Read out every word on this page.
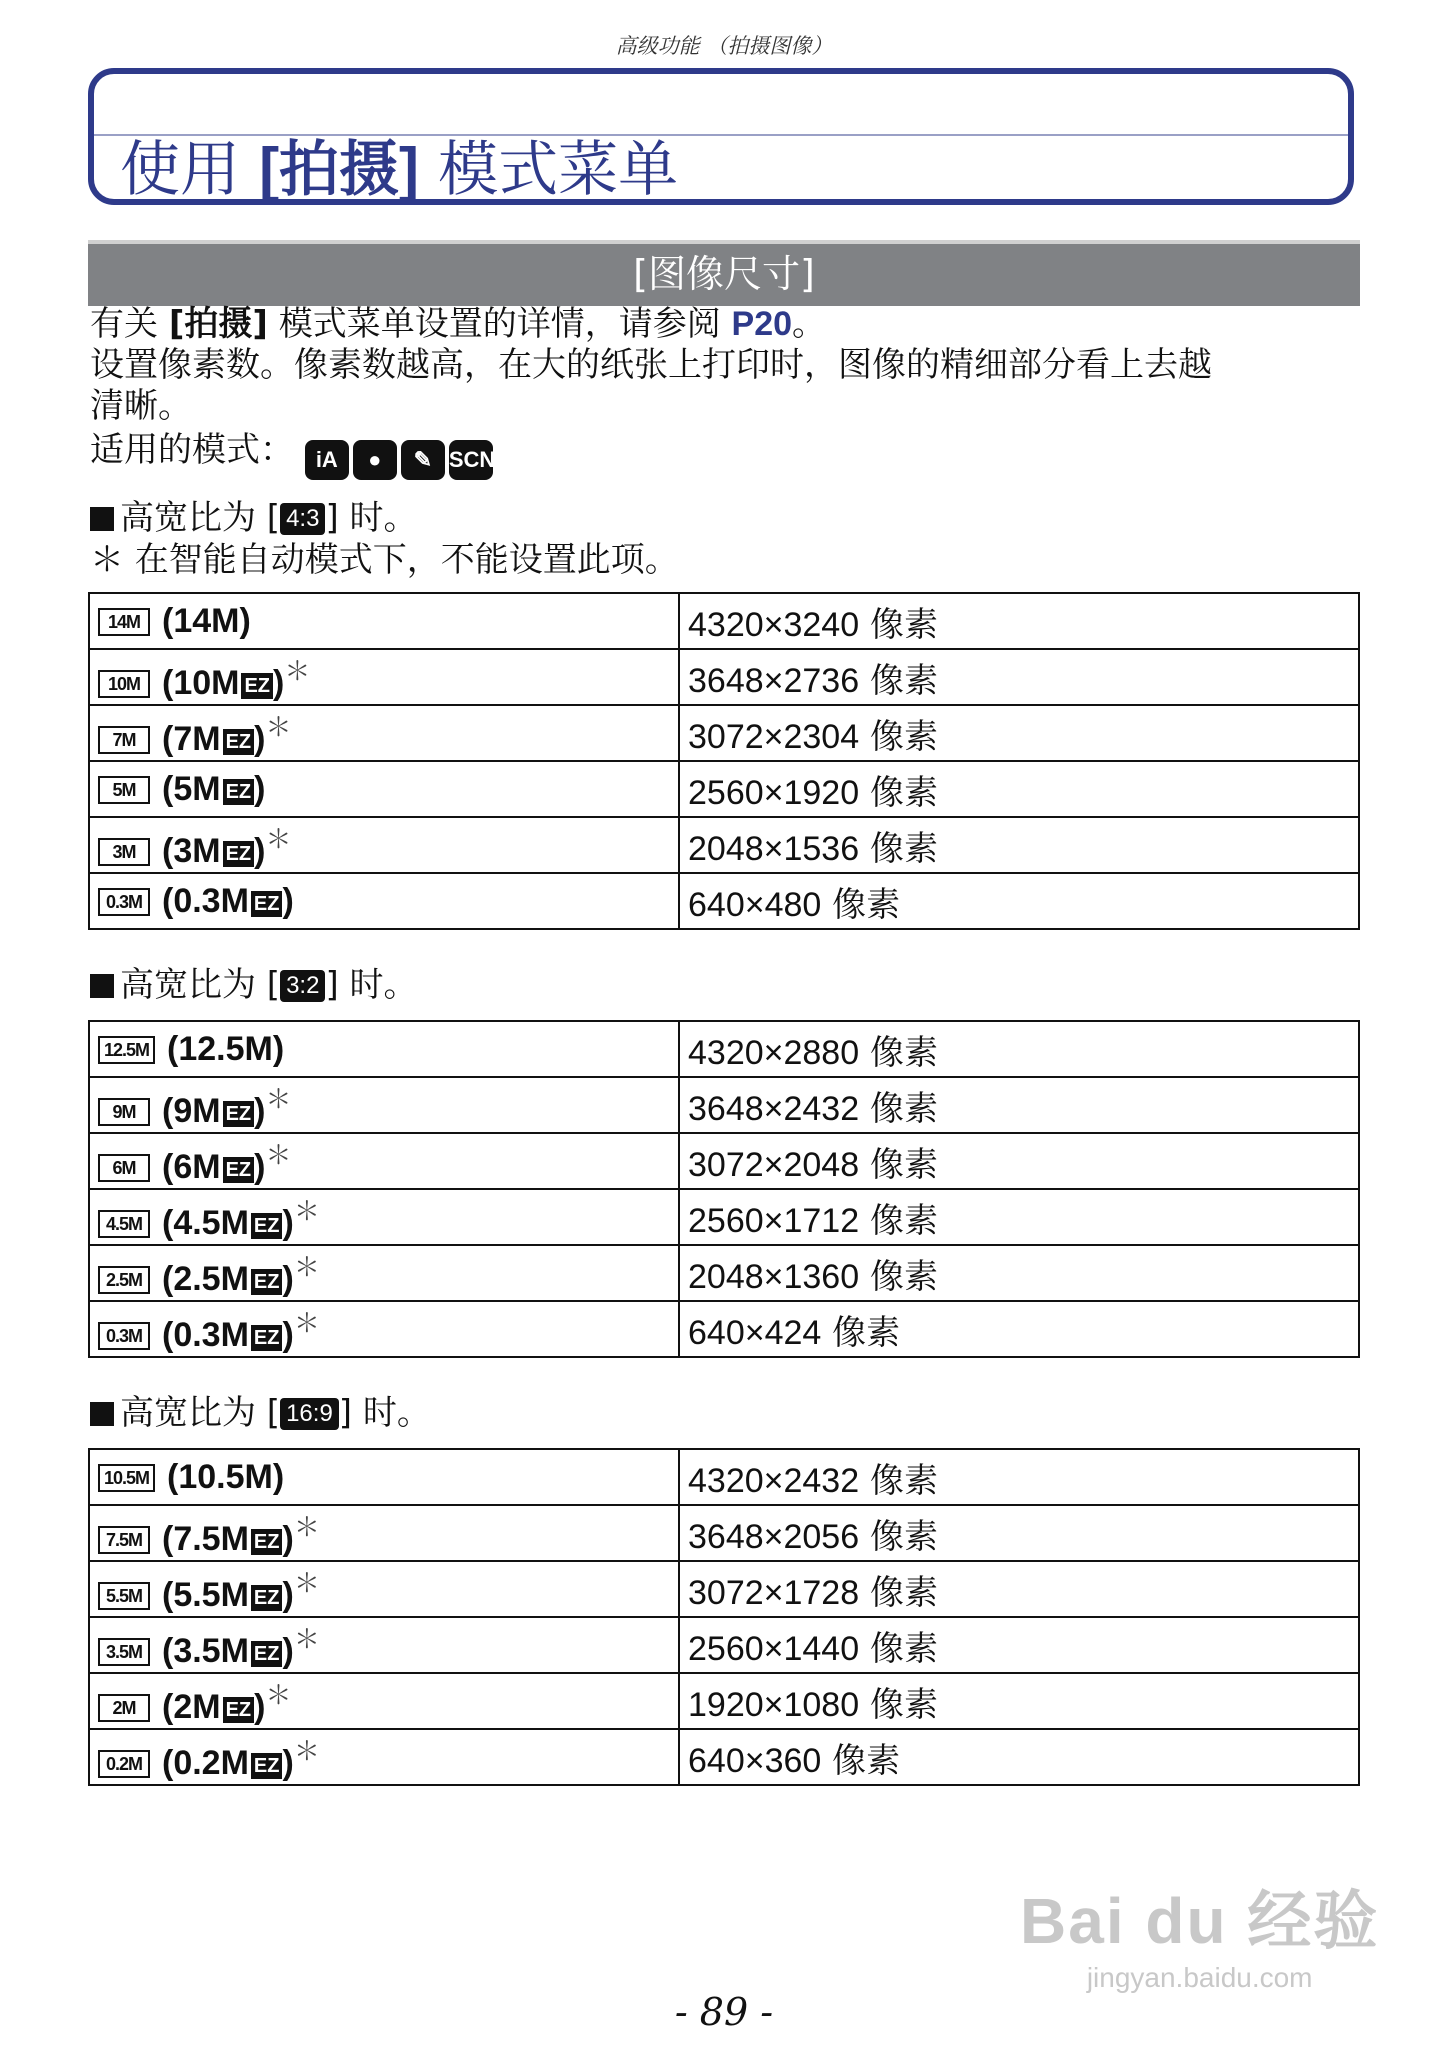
高级功能 （拍摄图像）
使用 [拍摄] 模式菜单
[图像尺寸]
有关 [拍摄] 模式菜单设置的详情，请参阅 P20。
设置像素数。像素数越高，在大的纸张上打印时，图像的精细部分看上去越
清晰。
适用的模式： iA ● ✎ SCN
高宽比为 [ 4:3 ] 时。
＊ 在智能自动模式下，不能设置此项。
14M (14M)	4320×3240 像素
10M (10M EZ)＊	3648×2736 像素
7M (7M EZ)＊	3072×2304 像素
5M (5M EZ)	2560×1920 像素
3M (3M EZ)＊	2048×1536 像素
0.3M (0.3M EZ)	640×480 像素
高宽比为 [ 3:2 ] 时。
12.5M (12.5M)	4320×2880 像素
9M (9M EZ)＊	3648×2432 像素
6M (6M EZ)＊	3072×2048 像素
4.5M (4.5M EZ)＊	2560×1712 像素
2.5M (2.5M EZ)＊	2048×1360 像素
0.3M (0.3M EZ)＊	640×424 像素
高宽比为 [ 16:9 ] 时。
10.5M (10.5M)	4320×2432 像素
7.5M (7.5M EZ)＊	3648×2056 像素
5.5M (5.5M EZ)＊	3072×1728 像素
3.5M (3.5M EZ)＊	2560×1440 像素
2M (2M EZ)＊	1920×1080 像素
0.2M (0.2M EZ)＊	640×360 像素
Bai du 经验
jingyan.baidu.com
- 89 -
